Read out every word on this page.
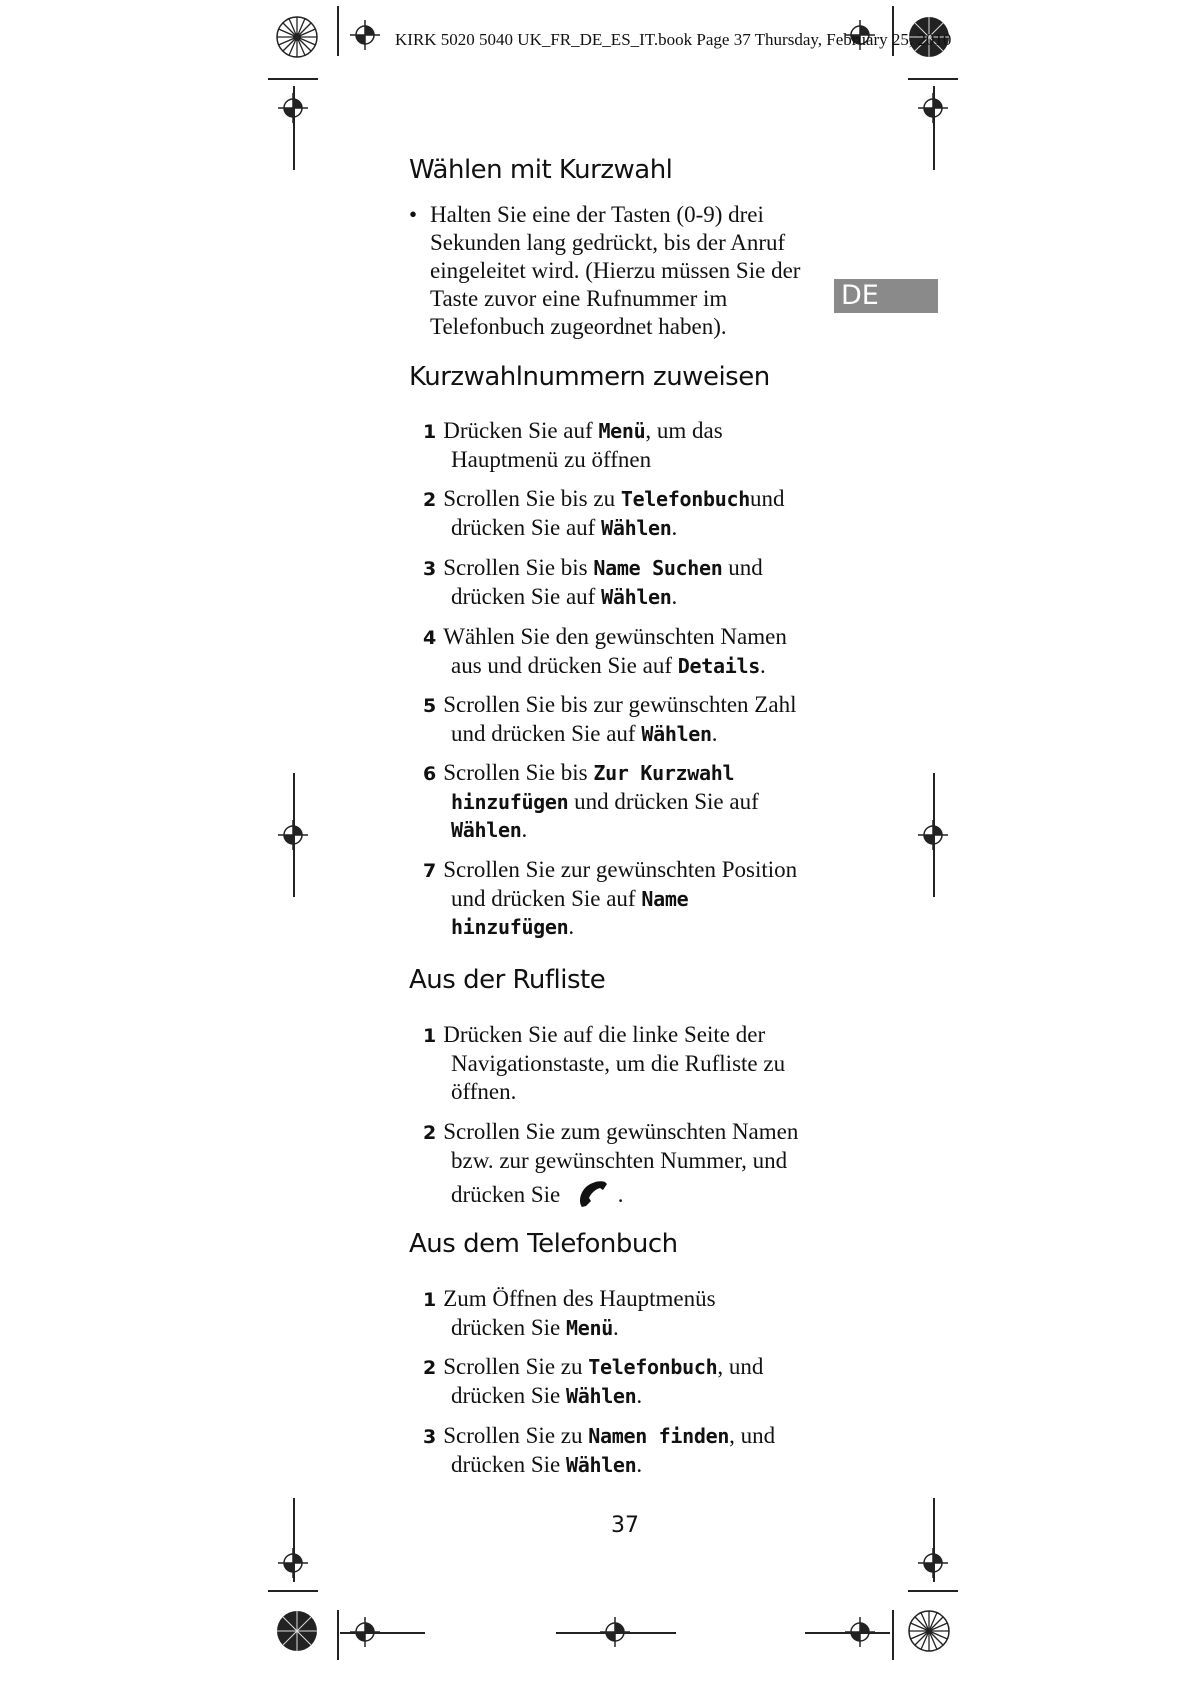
KIRK 5020 5040 UK_FR_DE_ES_IT.book Page 37 Thursday, February 25, 2010
DE
Wählen mit Kurzwahl
• Halten Sie eine der Tasten (0-9) drei Sekunden lang gedrückt, bis der Anruf eingeleitet wird. (Hierzu müssen Sie der Taste zuvor eine Rufnummer im Telefonbuch zugeordnet haben).
Kurzwahlnummern zuweisen
1 Drücken Sie auf Menü, um das
Hauptmenü zu öffnen
2 Scrollen Sie bis zu Telefonbuchund
drücken Sie auf Wählen.
3 Scrollen Sie bis Name Suchen und
drücken Sie auf Wählen.
4 Wählen Sie den gewünschten Namen
aus und drücken Sie auf Details.
5 Scrollen Sie bis zur gewünschten Zahl
und drücken Sie auf Wählen.
6 Scrollen Sie bis Zur Kurzwahl
hinzufügen und drücken Sie auf
Wählen.
7 Scrollen Sie zur gewünschten Position
und drücken Sie auf Name
hinzufügen.
Aus der Rufliste
1 Drücken Sie auf die linke Seite der
Navigationstaste, um die Rufliste zu
öffnen.
2 Scrollen Sie zum gewünschten Namen
bzw. zur gewünschten Nummer, und
drücken Sie	.
Aus dem Telefonbuch
1 Zum Öffnen des Hauptmenüs
drücken Sie Menü.
2 Scrollen Sie zu Telefonbuch, und
drücken Sie Wählen.
3 Scrollen Sie zu Namen finden, und
drücken Sie Wählen.
37
